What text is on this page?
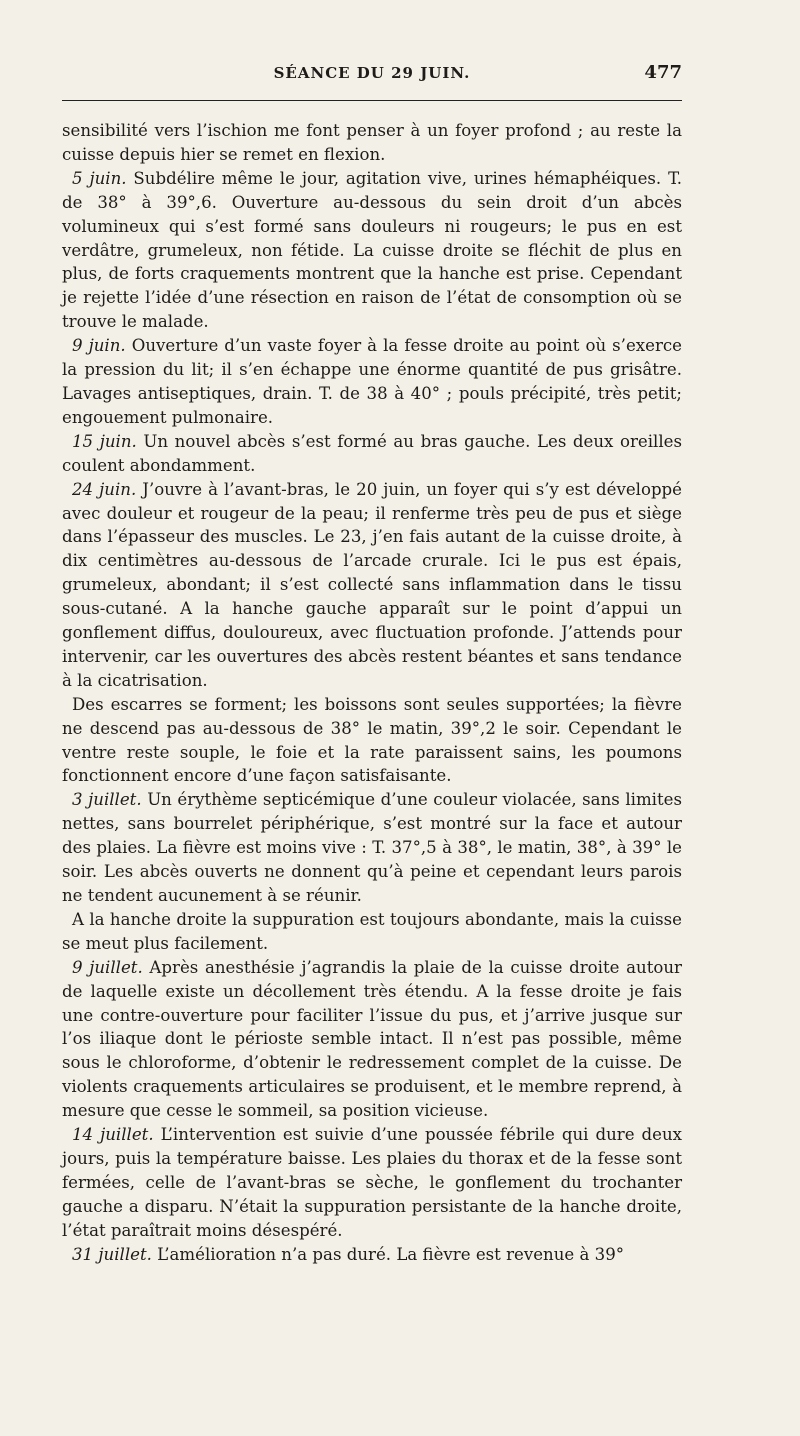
SÉANCE DU 29 JUIN.	477

sensibilité vers l’ischion me font penser à un foyer profond ; au reste la cuisse depuis hier se remet en flexion.

5 juin. Subdélire même le jour, agitation vive, urines hémaphéiques. T. de 38° à 39°,6. Ouverture au-dessous du sein droit d’un abcès volumineux qui s’est formé sans douleurs ni rougeurs; le pus en est verdâtre, grumeleux, non fétide. La cuisse droite se fléchit de plus en plus, de forts craquements montrent que la hanche est prise. Cependant je rejette l’idée d’une résection en raison de l’état de consomption où se trouve le malade.

9 juin. Ouverture d’un vaste foyer à la fesse droite au point où s’exerce la pression du lit; il s’en échappe une énorme quantité de pus grisâtre. Lavages antiseptiques, drain. T. de 38 à 40° ; pouls précipité, très petit; engouement pulmonaire.

15 juin. Un nouvel abcès s’est formé au bras gauche. Les deux oreilles coulent abondamment.

24 juin. J’ouvre à l’avant-bras, le 20 juin, un foyer qui s’y est développé avec douleur et rougeur de la peau; il renferme très peu de pus et siège dans l’épasseur des muscles. Le 23, j’en fais autant de la cuisse droite, à dix centimètres au-dessous de l’arcade crurale. Ici le pus est épais, grumeleux, abondant; il s’est collecté sans inflammation dans le tissu sous-cutané. A la hanche gauche apparaît sur le point d’appui un gonflement diffus, douloureux, avec fluctuation profonde. J’attends pour intervenir, car les ouvertures des abcès restent béantes et sans tendance à la cicatrisation.

Des escarres se forment; les boissons sont seules supportées; la fièvre ne descend pas au-dessous de 38° le matin, 39°,2 le soir. Cependant le ventre reste souple, le foie et la rate paraissent sains, les poumons fonctionnent encore d’une façon satisfaisante.

3 juillet. Un érythème septicémique d’une couleur violacée, sans limites nettes, sans bourrelet périphérique, s’est montré sur la face et autour des plaies. La fièvre est moins vive : T. 37°,5 à 38°, le matin, 38°, à 39° le soir. Les abcès ouverts ne donnent qu’à peine et cependant leurs parois ne tendent aucunement à se réunir.

A la hanche droite la suppuration est toujours abondante, mais la cuisse se meut plus facilement.

9 juillet. Après anesthésie j’agrandis la plaie de la cuisse droite autour de laquelle existe un décollement très étendu. A la fesse droite je fais une contre-ouverture pour faciliter l’issue du pus, et j’arrive jusque sur l’os iliaque dont le périoste semble intact. Il n’est pas possible, même sous le chloroforme, d’obtenir le redressement complet de la cuisse. De violents craquements articulaires se produisent, et le membre reprend, à mesure que cesse le sommeil, sa position vicieuse.

14 juillet. L’intervention est suivie d’une poussée fébrile qui dure deux jours, puis la température baisse. Les plaies du thorax et de la fesse sont fermées, celle de l’avant-bras se sèche, le gonflement du trochanter gauche a disparu. N’était la suppuration persistante de la hanche droite, l’état paraîtrait moins désespéré.

31 juillet. L’amélioration n’a pas duré. La fièvre est revenue à 39°
